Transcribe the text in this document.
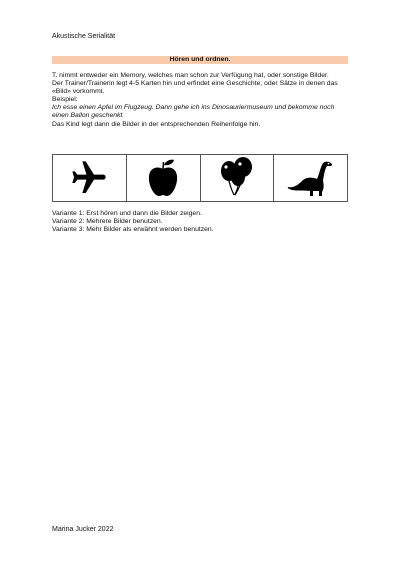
Akustische Serialität
Hören und ordnen.

T. nimmt entweder ein Memory, welches man schon zur Verfügung hat, oder sonstige Bilder.

Der Trainer/Trainerin legt 4-5 Karten hin und erfindet eine Geschichte, oder Sätze in denen das «Bild» vorkommt.

Beispiel:

Ich esse einen Apfel im Flugzeug. Dann gehe ich ins Dinosauriermuseum und bekomme noch einen Ballon geschenkt.

Das Kind legt dann die Bilder in der entsprechenden Reihenfolge hin.

Variante 1: Erst hören und dann die Bilder zeigen.

Variante 2: Mehrere Bilder benutzen.

Variante 3: Mehr Bilder als erwähnt werden benutzen.

Marina Jucker 2022
